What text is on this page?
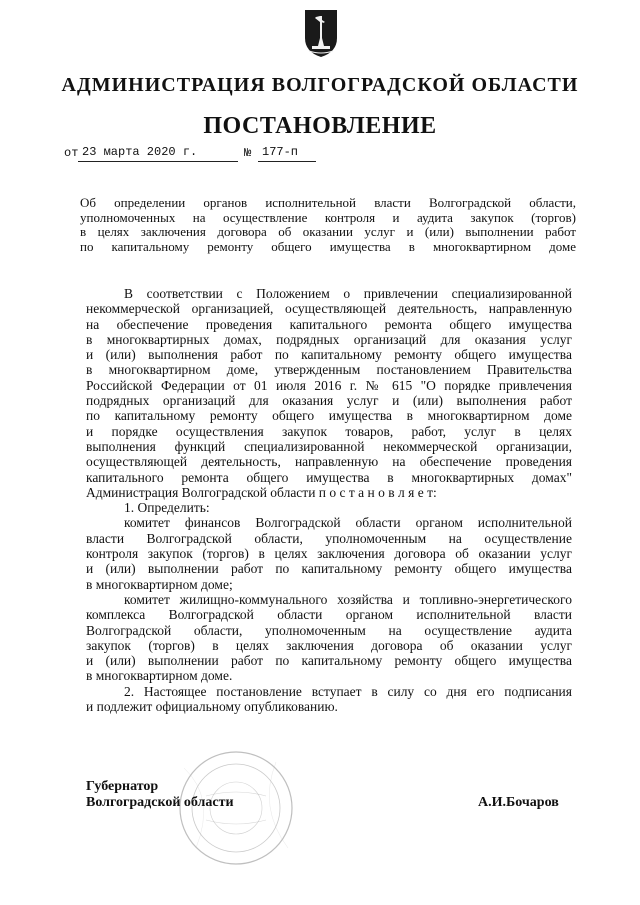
АДМИНИСТРАЦИЯ ВОЛГОГРАДСКОЙ ОБЛАСТИ
ПОСТАНОВЛЕНИЕ
от 23 марта 2020 г.	№ 177-п
Об определении органов исполнительной власти Волгоградской области,
уполномоченных на осуществление контроля и аудита закупок (торгов)
в целях заключения договора об оказании услуг и (или) выполнении работ
по капитальному ремонту общего имущества в многоквартирном доме
В соответствии с Положением о привлечении специализированной
некоммерческой организацией, осуществляющей деятельность, направленную
на обеспечение проведения капитального ремонта общего имущества
в многоквартирных домах, подрядных организаций для оказания услуг
и (или) выполнения работ по капитальному ремонту общего имущества
в многоквартирном доме, утвержденным постановлением Правительства
Российской Федерации от 01 июля 2016 г. № 615 "О порядке привлечения
подрядных организаций для оказания услуг и (или) выполнения работ
по капитальному ремонту общего имущества в многоквартирном доме
и порядке осуществления закупок товаров, работ, услуг в целях
выполнения функций специализированной некоммерческой организации,
осуществляющей деятельность, направленную на обеспечение проведения
капитального ремонта общего имущества в многоквартирных домах"
Администрация Волгоградской области п о с т а н о в л я е т:
1. Определить:
комитет финансов Волгоградской области органом исполнительной
власти Волгоградской области, уполномоченным на осуществление
контроля закупок (торгов) в целях заключения договора об оказании услуг
и (или) выполнении работ по капитальному ремонту общего имущества
в многоквартирном доме;
комитет жилищно-коммунального хозяйства и топливно-энергетического
комплекса Волгоградской области органом исполнительной власти
Волгоградской области, уполномоченным на осуществление аудита
закупок (торгов) в целях заключения договора об оказании услуг
и (или) выполнении работ по капитальному ремонту общего имущества
в многоквартирном доме.
2. Настоящее постановление вступает в силу со дня его подписания
и подлежит официальному опубликованию.
Губернатор
Волгоградской области	А.И.Бочаров
